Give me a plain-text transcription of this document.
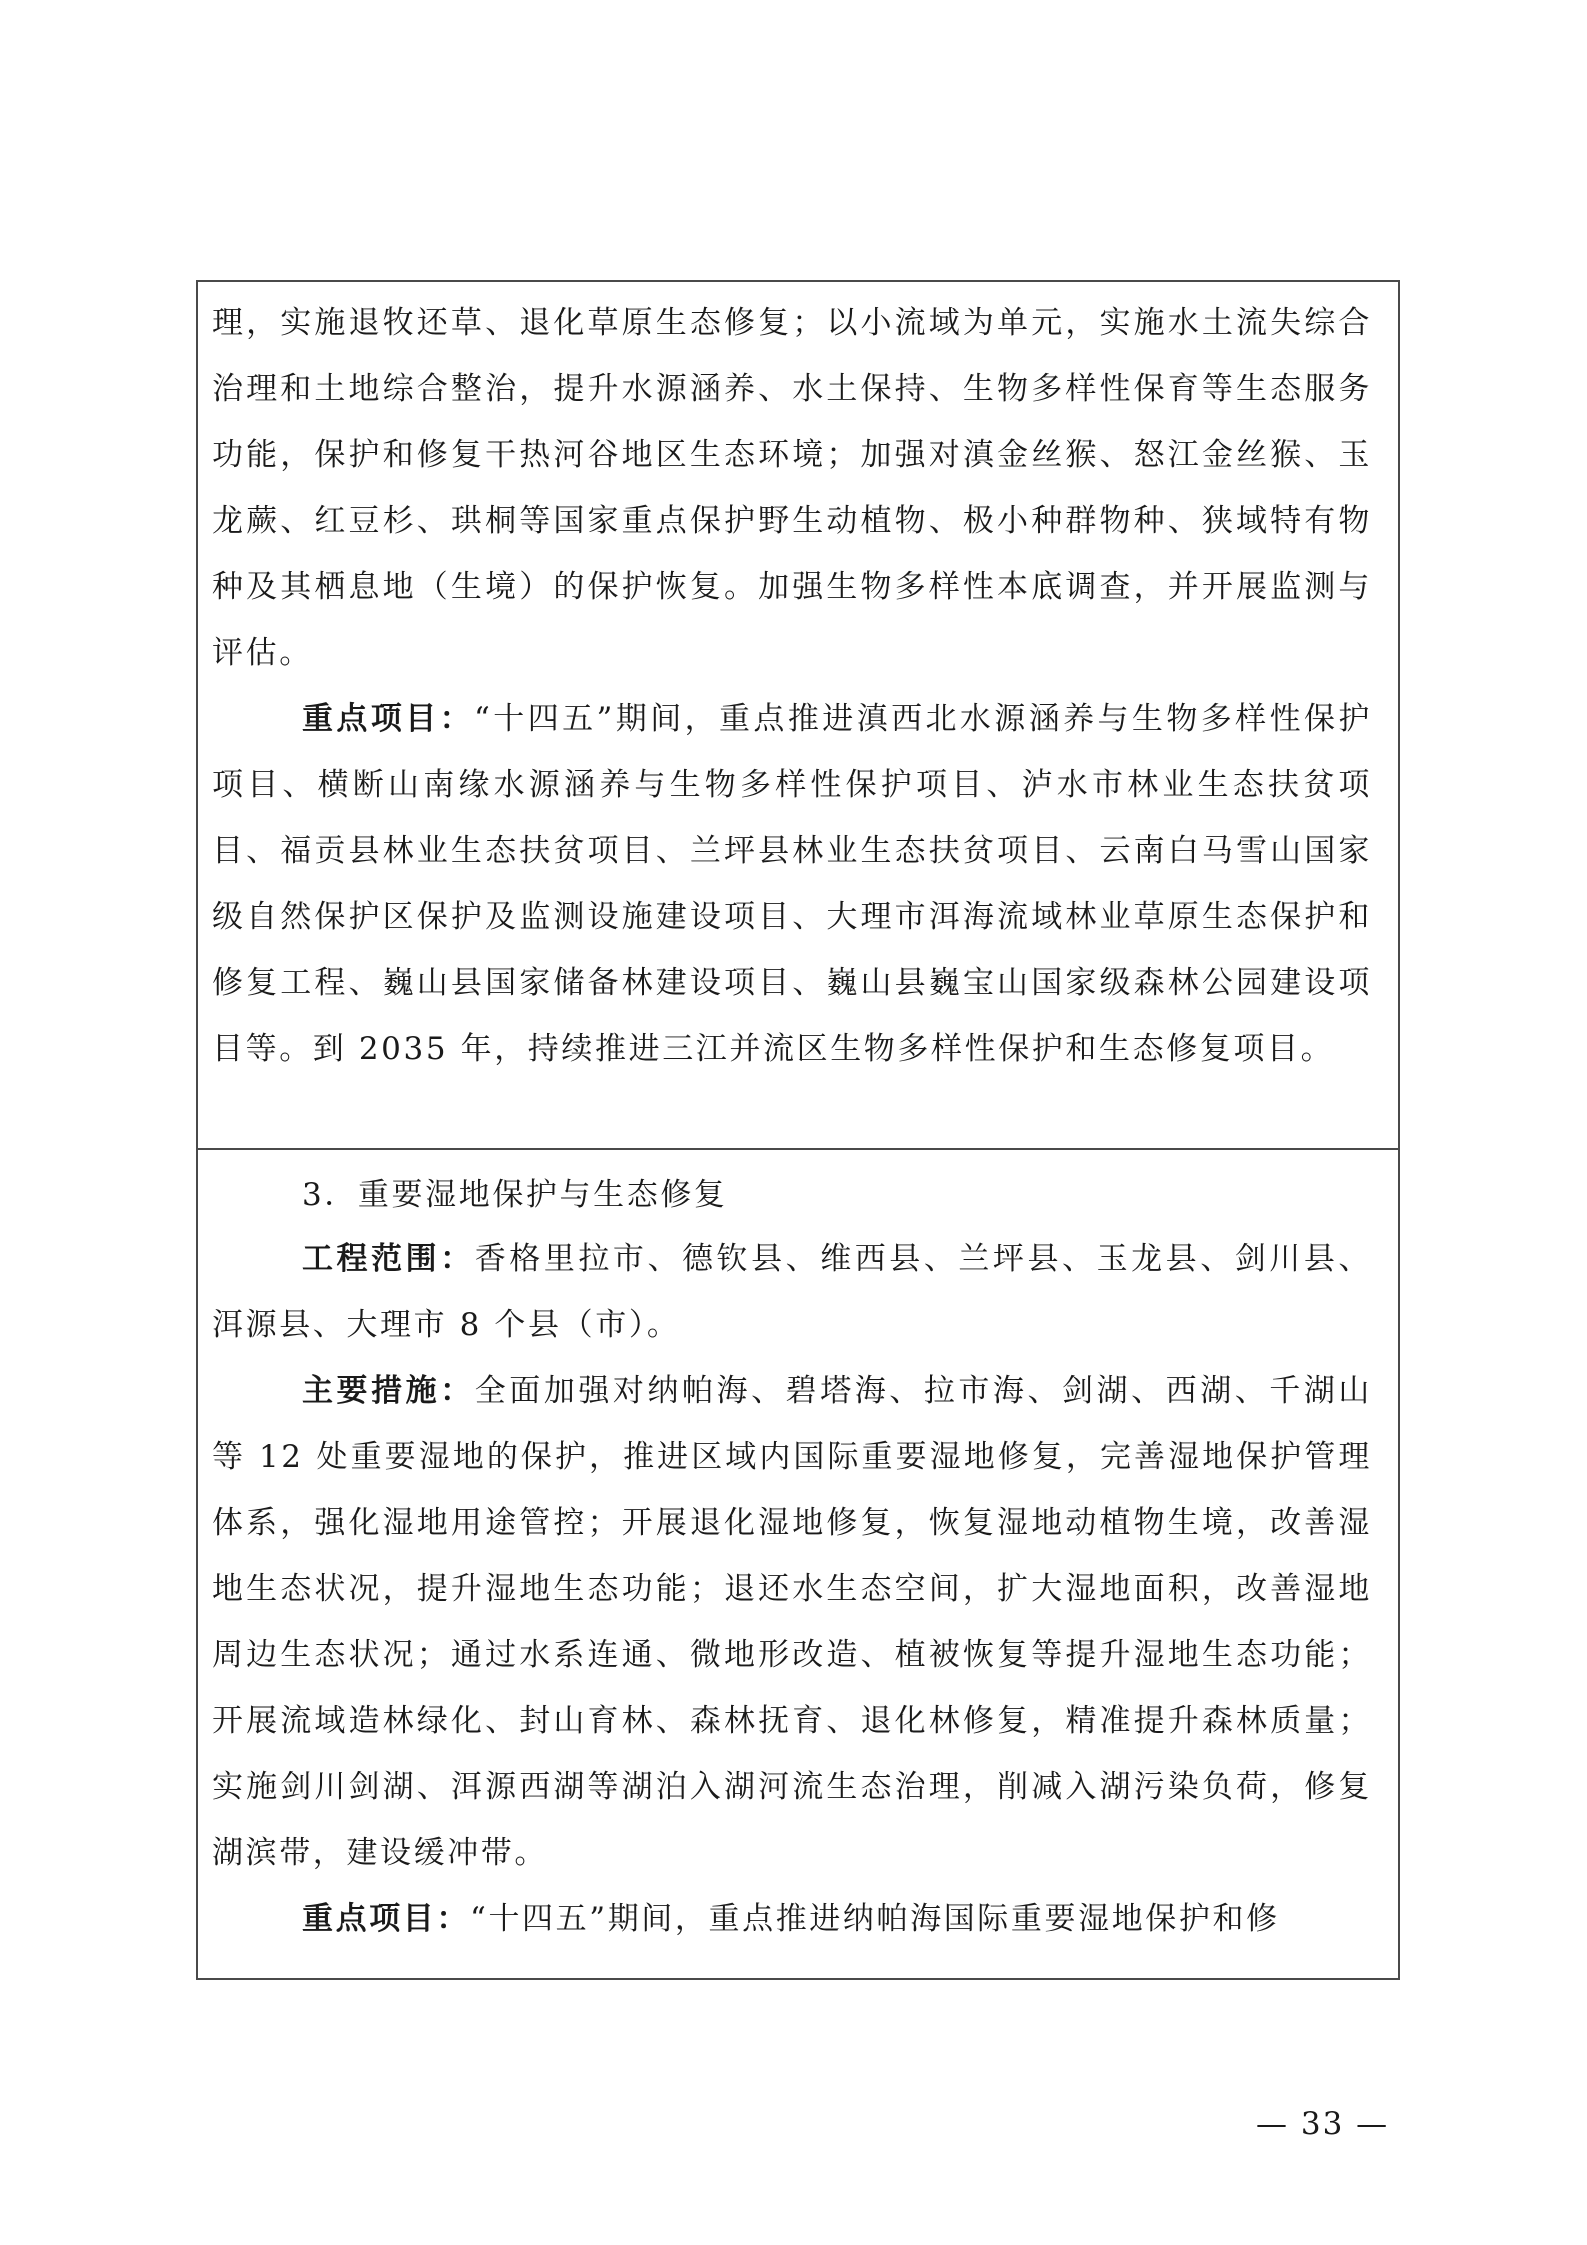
理，实施退牧还草、退化草原生态修复；以小流域为单元，实施水土流失综合治理和土地综合整治，提升水源涵养、水土保持、生物多样性保育等生态服务功能，保护和修复干热河谷地区生态环境；加强对滇金丝猴、怒江金丝猴、玉龙蕨、红豆杉、珙桐等国家重点保护野生动植物、极小种群物种、狭域特有物种及其栖息地（生境）的保护恢复。加强生物多样性本底调查，并开展监测与评估。

重点项目：“十四五”期间，重点推进滇西北水源涵养与生物多样性保护项目、横断山南缘水源涵养与生物多样性保护项目、泸水市林业生态扶贫项目、福贡县林业生态扶贫项目、兰坪县林业生态扶贫项目、云南白马雪山国家级自然保护区保护及监测设施建设项目、大理市洱海流域林业草原生态保护和修复工程、巍山县国家储备林建设项目、巍山县巍宝山国家级森林公园建设项目等。到 2035 年，持续推进三江并流区生物多样性保护和生态修复项目。

3．重要湿地保护与生态修复

工程范围：香格里拉市、德钦县、维西县、兰坪县、玉龙县、剑川县、洱源县、大理市 8 个县（市）。

主要措施：全面加强对纳帕海、碧塔海、拉市海、剑湖、西湖、千湖山等 12 处重要湿地的保护，推进区域内国际重要湿地修复，完善湿地保护管理体系，强化湿地用途管控；开展退化湿地修复，恢复湿地动植物生境，改善湿地生态状况，提升湿地生态功能；退还水生态空间，扩大湿地面积，改善湿地周边生态状况；通过水系连通、微地形改造、植被恢复等提升湿地生态功能；开展流域造林绿化、封山育林、森林抚育、退化林修复，精准提升森林质量；实施剑川剑湖、洱源西湖等湖泊入湖河流生态治理，削减入湖污染负荷，修复湖滨带，建设缓冲带。

重点项目：“十四五”期间，重点推进纳帕海国际重要湿地保护和修

— 33 —
